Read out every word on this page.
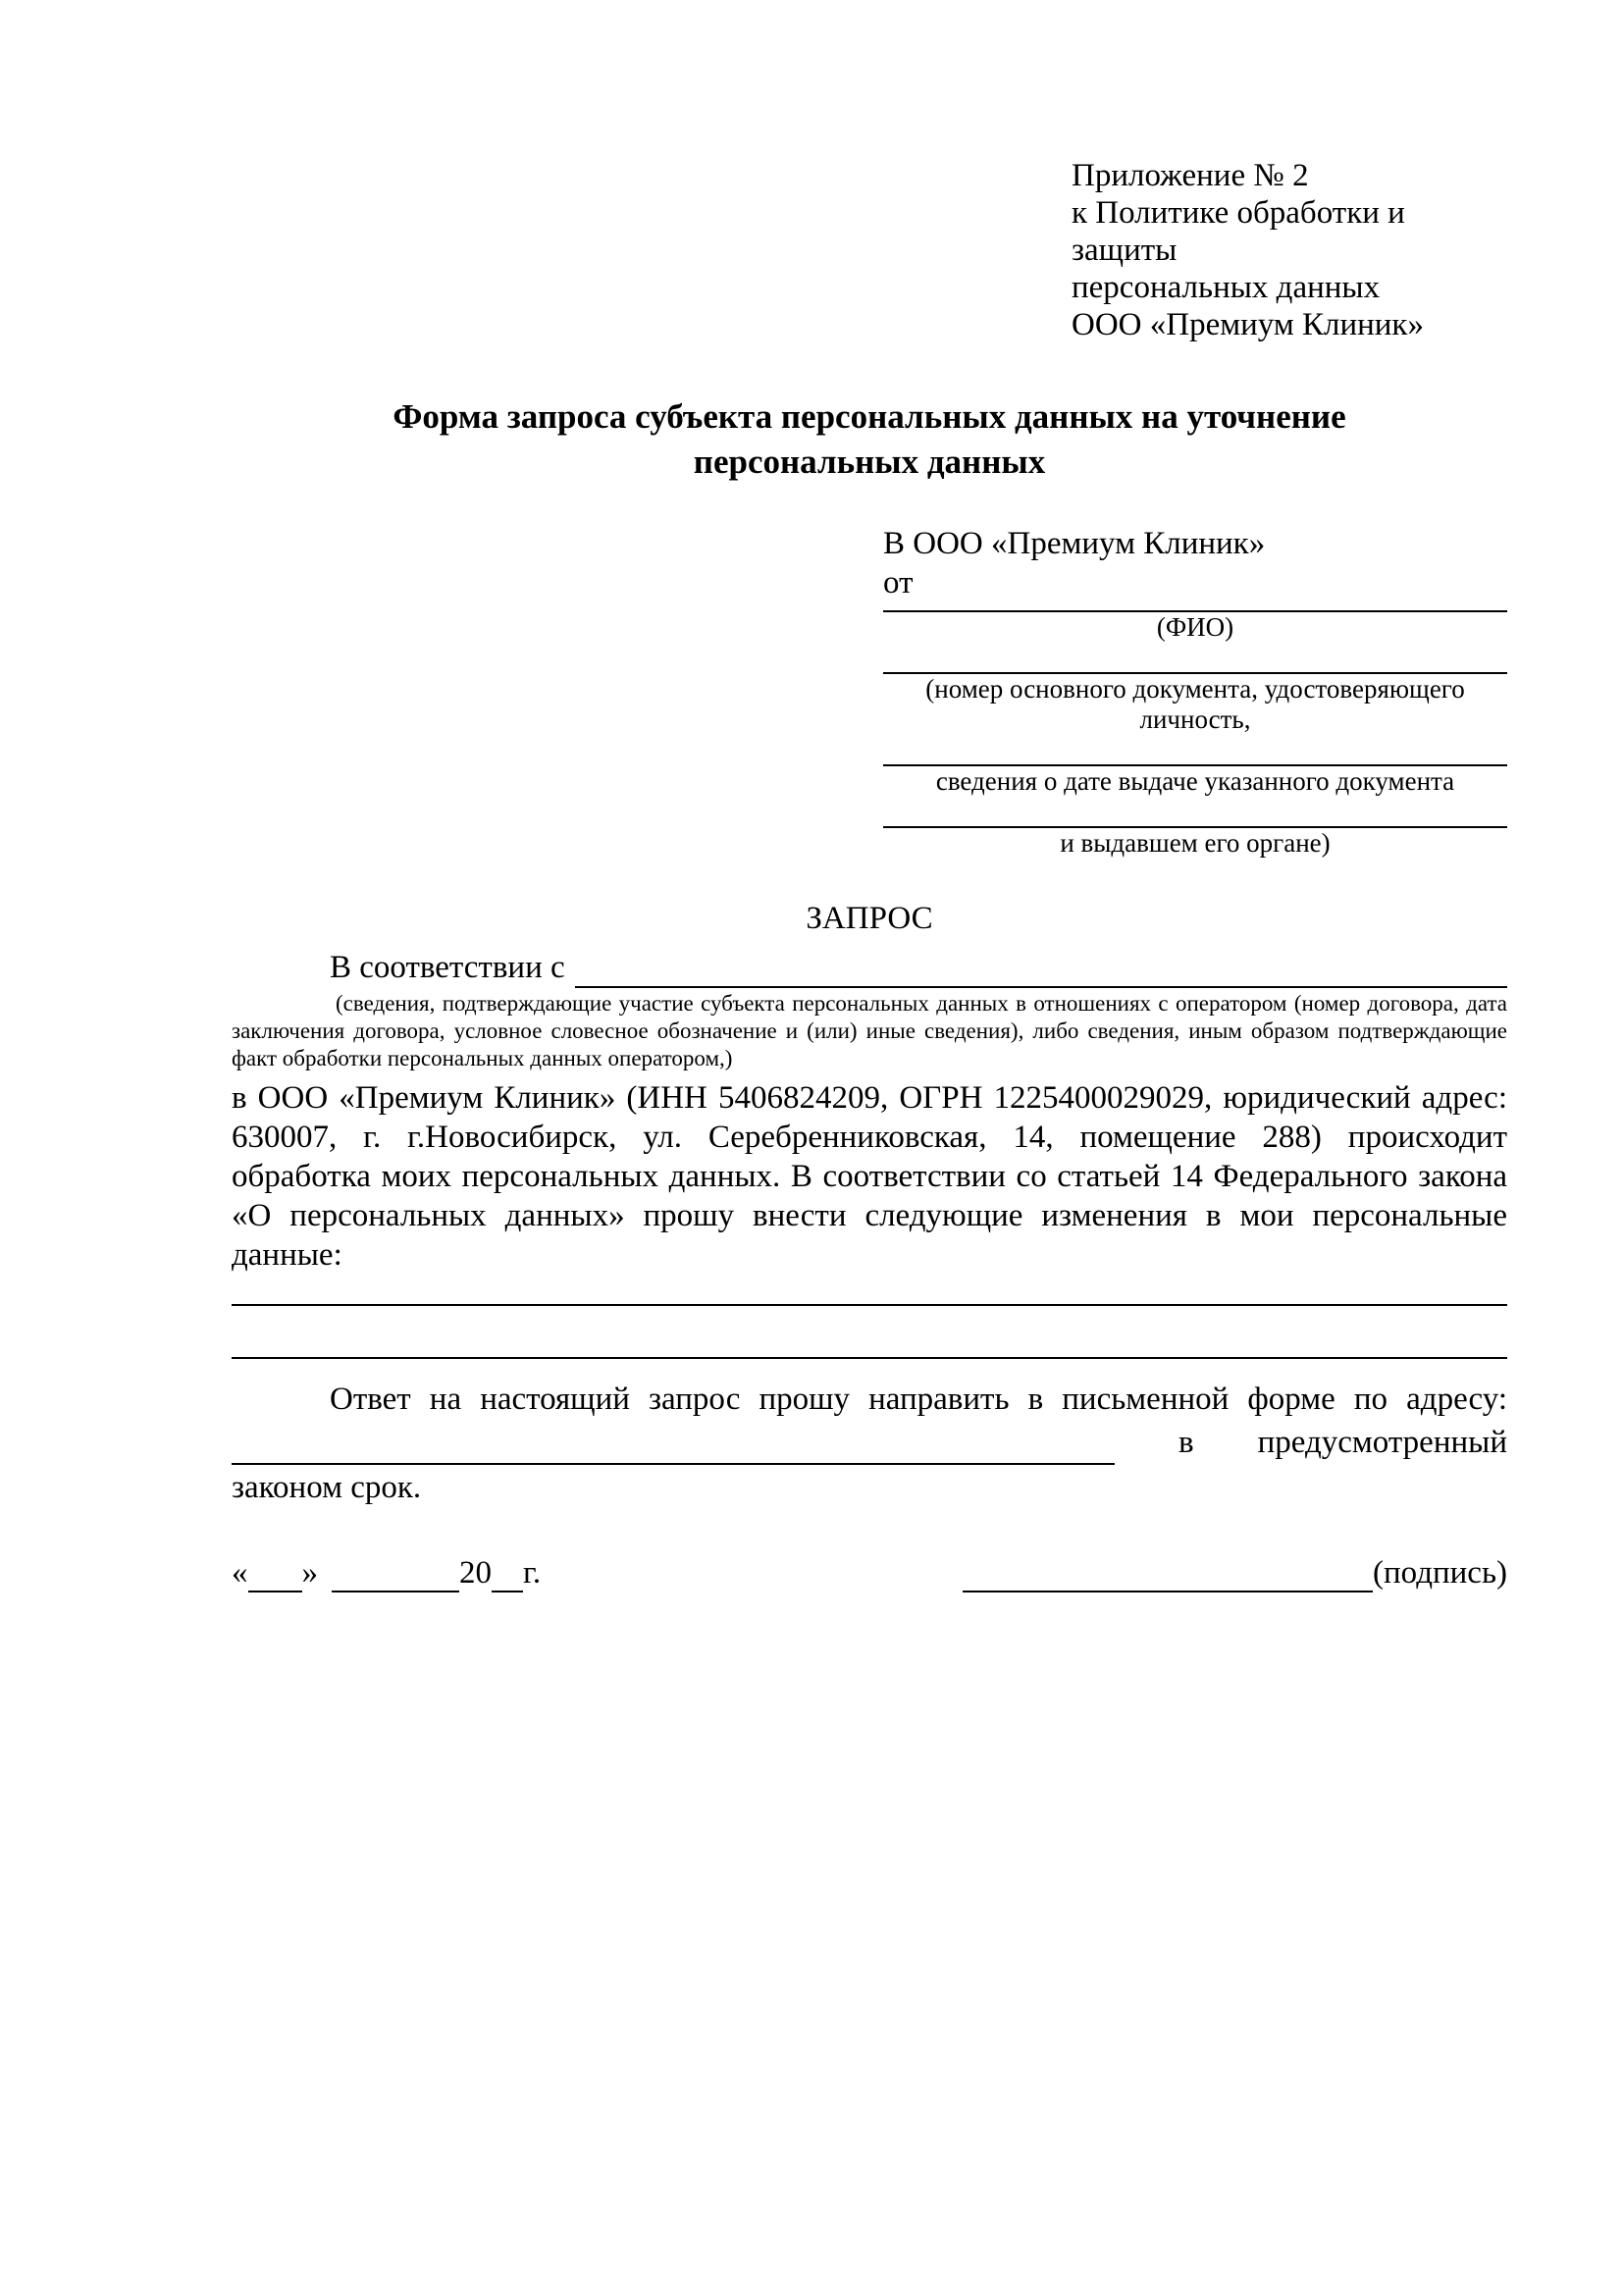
Приложение № 2
к Политике обработки и защиты
персональных данных
ООО «Премиум Клиник»
Форма запроса субъекта персональных данных на уточнение
персональных данных
В ООО «Премиум Клиник»
от
(ФИО)
(номер основного документа, удостоверяющего личность,
сведения о дате выдаче указанного документа
и выдавшем его органе)
ЗАПРОС
В соответствии с
(сведения, подтверждающие участие субъекта персональных данных в отношениях с оператором (номер договора, дата заключения договора, условное словесное обозначение и (или) иные сведения), либо сведения, иным образом подтверждающие факт обработки персональных данных оператором,)
в ООО «Премиум Клиник» (ИНН 5406824209, ОГРН 1225400029029, юридический адрес: 630007, г. г.Новосибирск, ул. Серебренниковская, 14, помещение 288) происходит обработка моих персональных данных. В соответствии со статьей 14 Федерального закона «О персональных данных» прошу внести следующие изменения в мои персональные данные:
Ответ на настоящий запрос прошу направить в письменной форме по адресу:
в предусмотренный
законом срок.
« »	20 г.	(подпись)
